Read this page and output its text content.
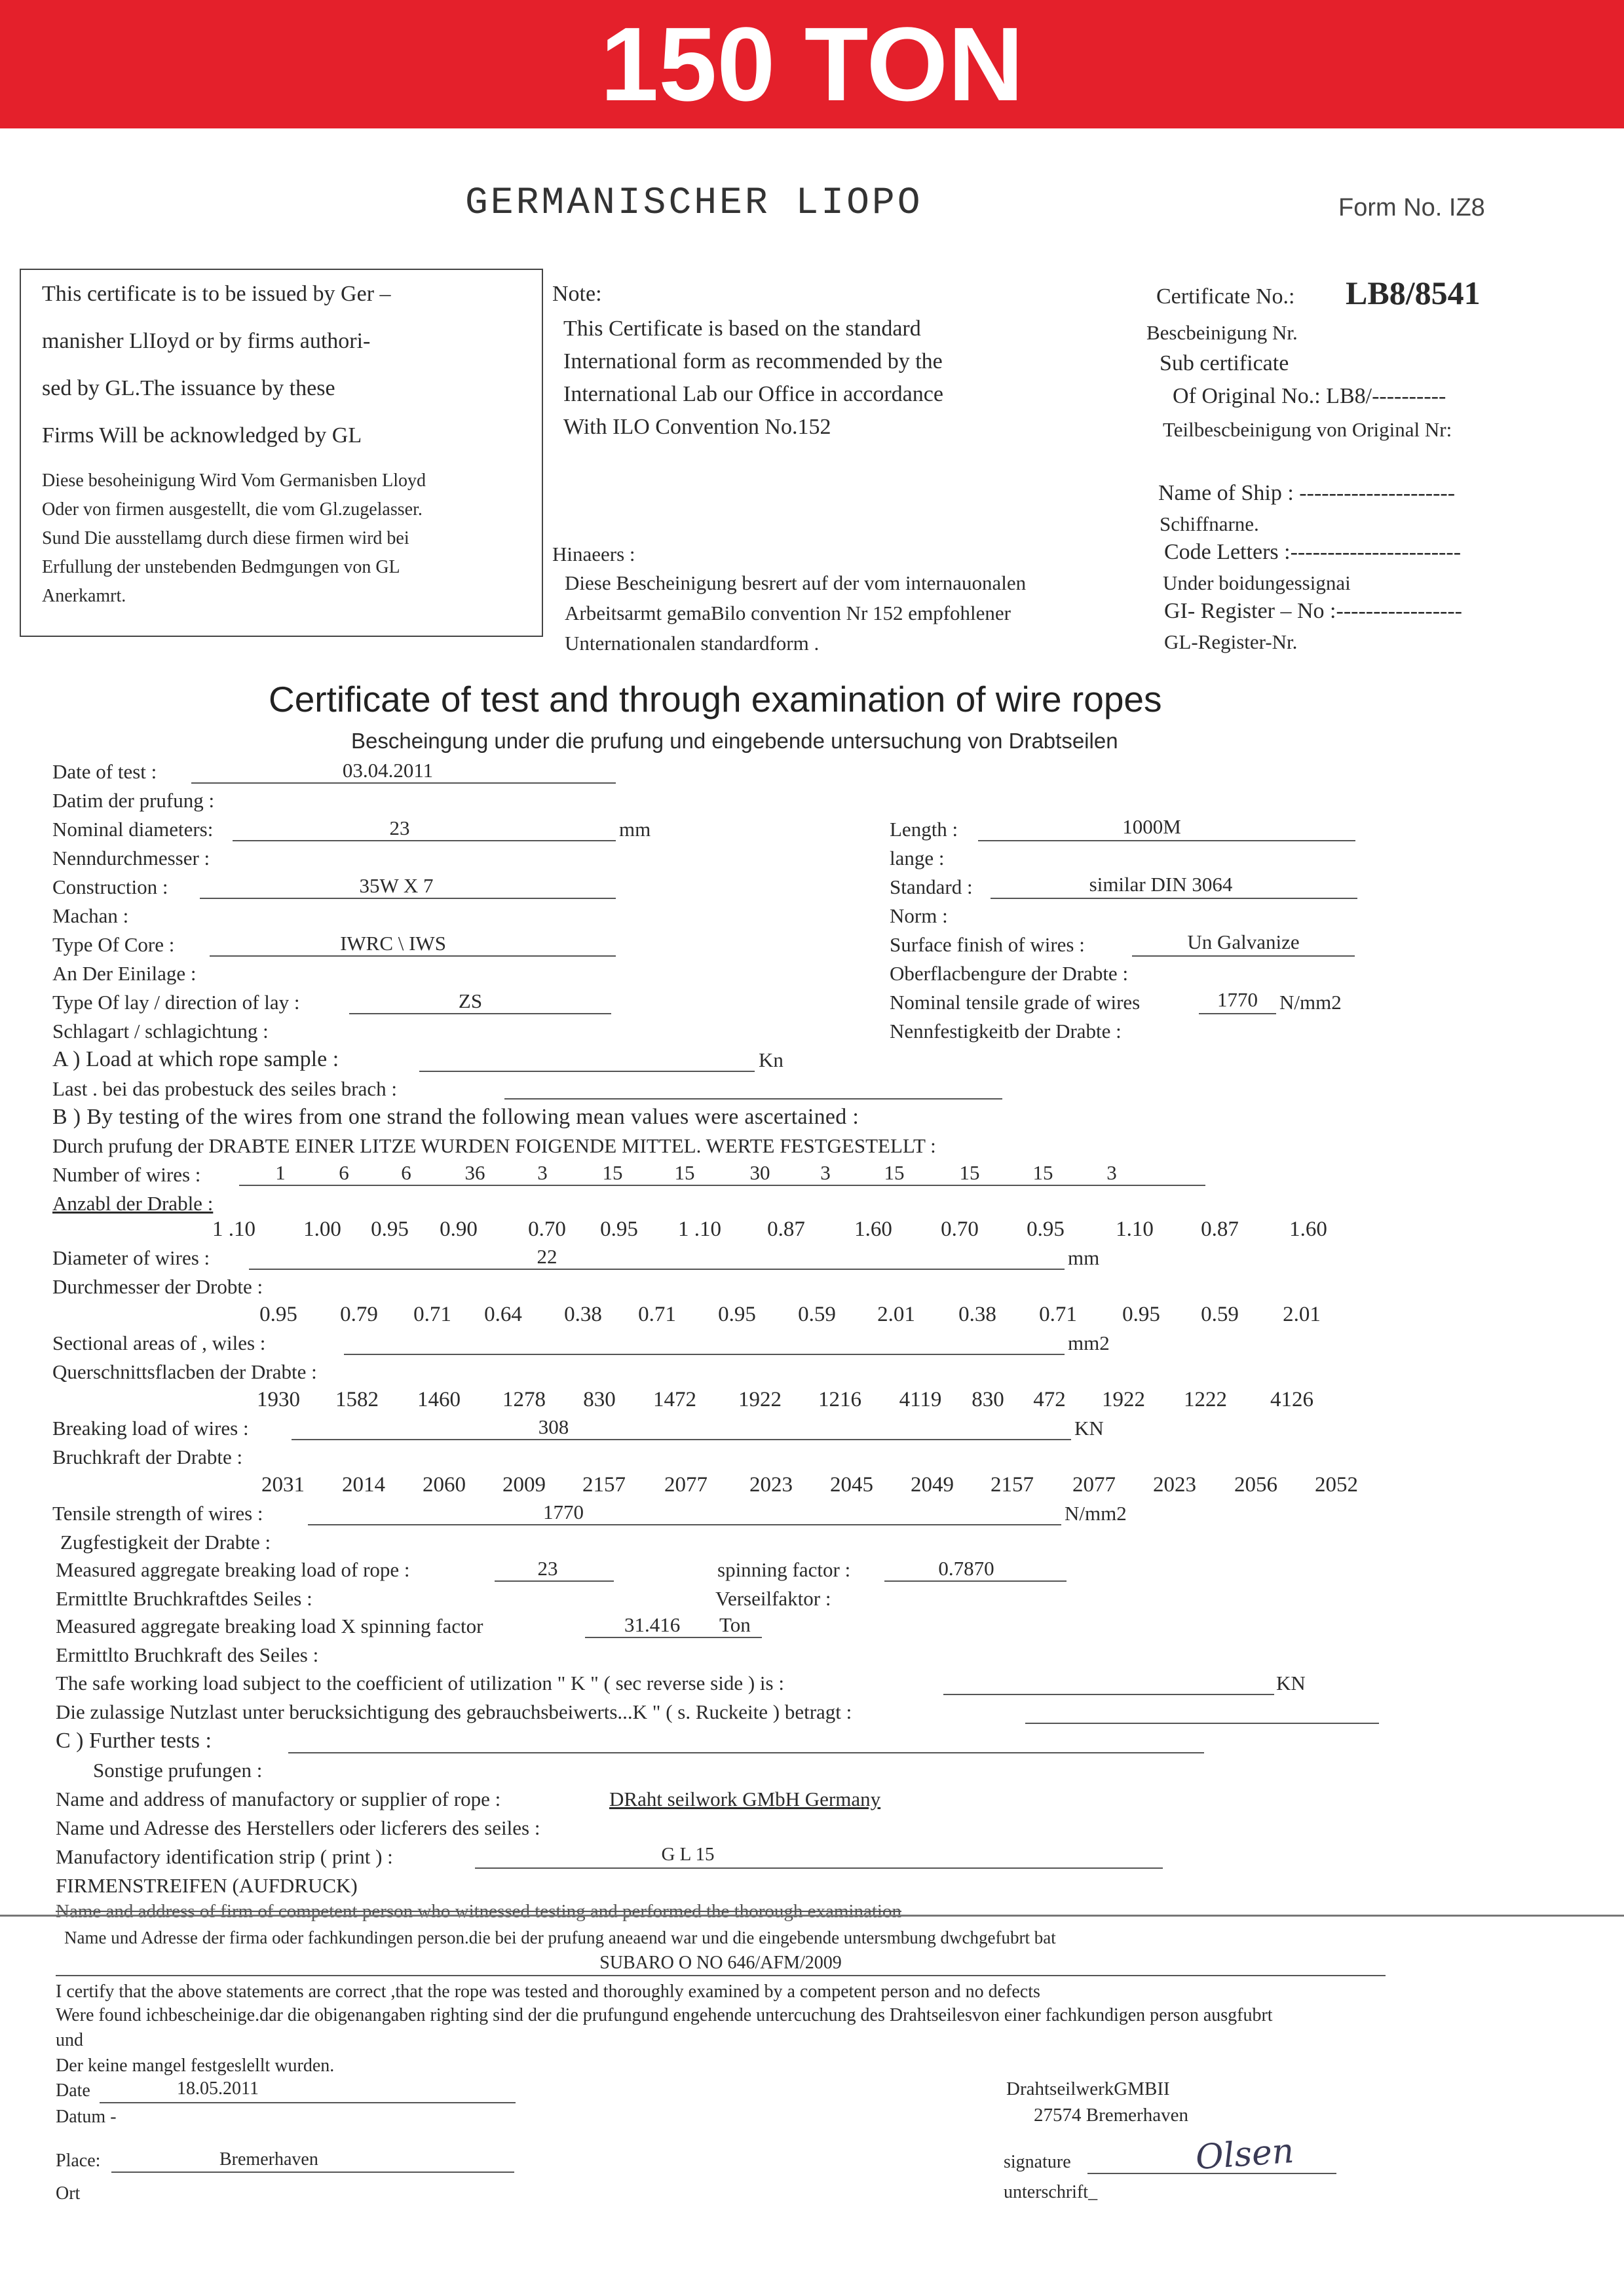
150 TON
GERMANISCHER LIOPO	Form No. IZ8
This certificate is to be issued by Ger –
manisher LlIoyd or by firms authori-
sed by GL.The issuance by these
Firms Will be acknowledged by GL
Diese besoheinigung Wird Vom Germanisben Lloyd
Oder von firmen ausgestellt, die vom Gl.zugelasser.
Sund Die ausstellamg durch diese firmen wird bei
Erfullung der unstebenden Bedmgungen von GL
Anerkamrt.
Note:
This Certificate is based on the standard
International form as recommended by the
International Lab our Office in accordance
With ILO Convention No.152
Hinaeers :
Diese Bescheinigung besrert auf der vom internauonalen
Arbeitsarmt gemaBilo convention Nr 152 empfohlener
Unternationalen standardform .
Certificate No.: LB8/8541
Bescbeinigung Nr.
Sub certificate
Of Original No.: LB8/----------
Teilbescbeinigung von Original Nr:
Name of Ship : ---------------------
Schiffnarne.
Code Letters :-----------------------
Under boidungessignai
GI- Register – No :-----------------
GL-Register-Nr.
Certificate of test and through examination of wire ropes
Bescheingung under die prufung und eingebende untersuchung von Drabtseilen
Date of test :	03.04.2011
Datim der prufung :
Nominal diameters:	23	mm
Nenndurchmesser :
Construction :	35W X 7
Machan :
Type Of Core :	IWRC \ IWS
An Der Einilage :
Type Of lay / direction of lay :	ZS
Schlagart / schlagichtung :
Length :	1000M
lange :
Standard :	similar DIN 3064
Norm :
Surface finish of wires :	Un Galvanize
Oberflacbengure der Drabte :
Nominal tensile grade of wires	1770	N/mm2
Nennfestigkeitb der Drabte :
A ) Load at which rope sample :	Kn
Last . bei das probestuck des seiles brach :
B ) By testing of the wires from one strand the following mean values were ascertained :
Durch prufung der DRABTE EINER LITZE WURDEN FOIGENDE MITTEL. WERTE FESTGESTELLT :
Number of wires :	1	6	6	36	3	15	15	30 3	15	15	15	3
Anzabl der Drable :
1 .10 1.00 0.95 0.90 0.70 0.95 1 .10 0.87 1.60 0.70 0.95 1.10 0.87 1.60
Diameter of wires :	22	mm
Durchmesser der Drobte :
0.95 0.79 0.71 0.64 0.38 0.71 0.95 0.59 2.01 0.38 0.71 0.95 0.59 2.01
Sectional areas of , wiles :	mm2
Querschnittsflacben der Drabte :
1930 1582 1460 1278 830 1472 1922 1216 4119 830 472 1922 1222 4126
Breaking load of wires :	308	KN
Bruchkraft der Drabte :
2031 2014 2060 2009 2157 2077 2023 2045 2049 2157 2077 2023 2056 2052
Tensile strength of wires :	1770	N/mm2
Zugfestigkeit der Drabte :
Measured aggregate breaking load of rope :	23	spinning factor :	0.7870
Ermittlte Bruchkraftdes Seiles :	Verseilfaktor :
Measured aggregate breaking load X spinning factor	31.416 Ton
Ermittlto Bruchkraft des Seiles :
The safe working load subject to the coefficient of utilization " K " ( sec reverse side ) is :	KN
Die zulassige Nutzlast unter berucksichtigung des gebrauchsbeiwerts...K " ( s. Ruckeite ) betragt :
C ) Further tests :
Sonstige prufungen :
Name and address of manufactory or supplier of rope :	DRaht seilwork GMbH Germany
Name und Adresse des Herstellers oder licferers des seiles :
Manufactory identification strip ( print ) :	G L 15
FIRMENSTREIFEN (AUFDRUCK)
Name and address of firm of competent person who witnessed testing and performed the thorough examination
Name und Adresse der firma oder fachkundingen person.die bei der prufung aneaend war und die eingebende untersmbung dwchgefubrt bat
SUBARO O NO 646/AFM/2009
I certify that the above statements are correct ,that the rope was tested and thoroughly examined by a competent person and no defects
Were found ichbescheinige.dar die obigenangaben righting sind der die prufungund engehende untercuchung des Drahtseilesvon einer fachkundigen person ausgfubrt
und
Der keine mangel festgeslellt wurden.
Date	18.05.2011
Datum -
Place:	Bremerhaven
Ort
DrahtseilwerkGMBII
27574 Bremerhaven
signature	Olsen
unterschrift_
